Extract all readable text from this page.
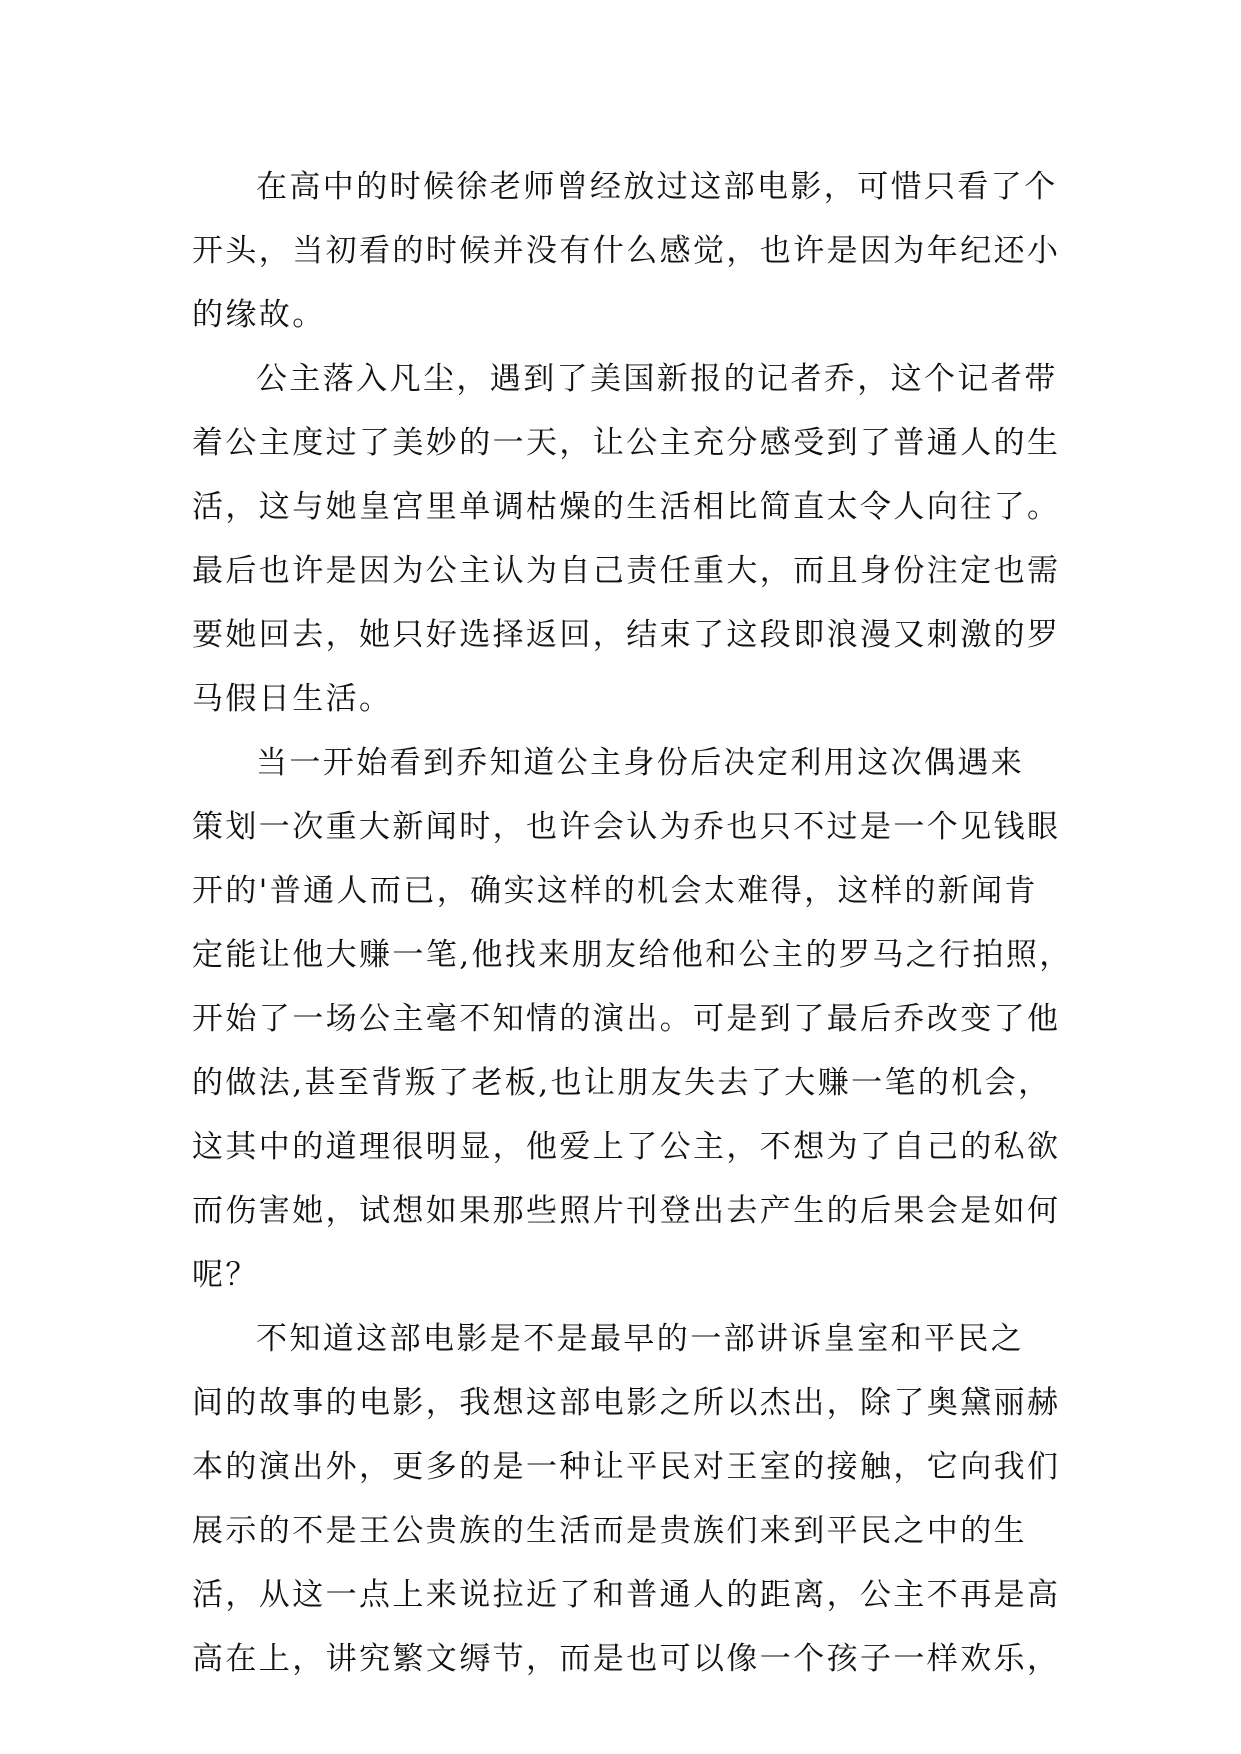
在高中的时候徐老师曾经放过这部电影，可惜只看了个
开头，当初看的时候并没有什么感觉，也许是因为年纪还小
的缘故。
公主落入凡尘，遇到了美国新报的记者乔，这个记者带
着公主度过了美妙的一天，让公主充分感受到了普通人的生
活，这与她皇宫里单调枯燥的生活相比简直太令人向往了。
最后也许是因为公主认为自己责任重大，而且身份注定也需
要她回去，她只好选择返回，结束了这段即浪漫又刺激的罗
马假日生活。
当一开始看到乔知道公主身份后决定利用这次偶遇来
策划一次重大新闻时，也许会认为乔也只不过是一个见钱眼
开的'普通人而已，确实这样的机会太难得，这样的新闻肯
定能让他大赚一笔,他找来朋友给他和公主的罗马之行拍照，
开始了一场公主毫不知情的演出。可是到了最后乔改变了他
的做法,甚至背叛了老板,也让朋友失去了大赚一笔的机会，
这其中的道理很明显，他爱上了公主，不想为了自己的私欲
而伤害她，试想如果那些照片刊登出去产生的后果会是如何
呢？
不知道这部电影是不是最早的一部讲诉皇室和平民之
间的故事的电影，我想这部电影之所以杰出，除了奥黛丽赫
本的演出外，更多的是一种让平民对王室的接触，它向我们
展示的不是王公贵族的生活而是贵族们来到平民之中的生
活，从这一点上来说拉近了和普通人的距离，公主不再是高
高在上，讲究繁文缛节，而是也可以像一个孩子一样欢乐，
